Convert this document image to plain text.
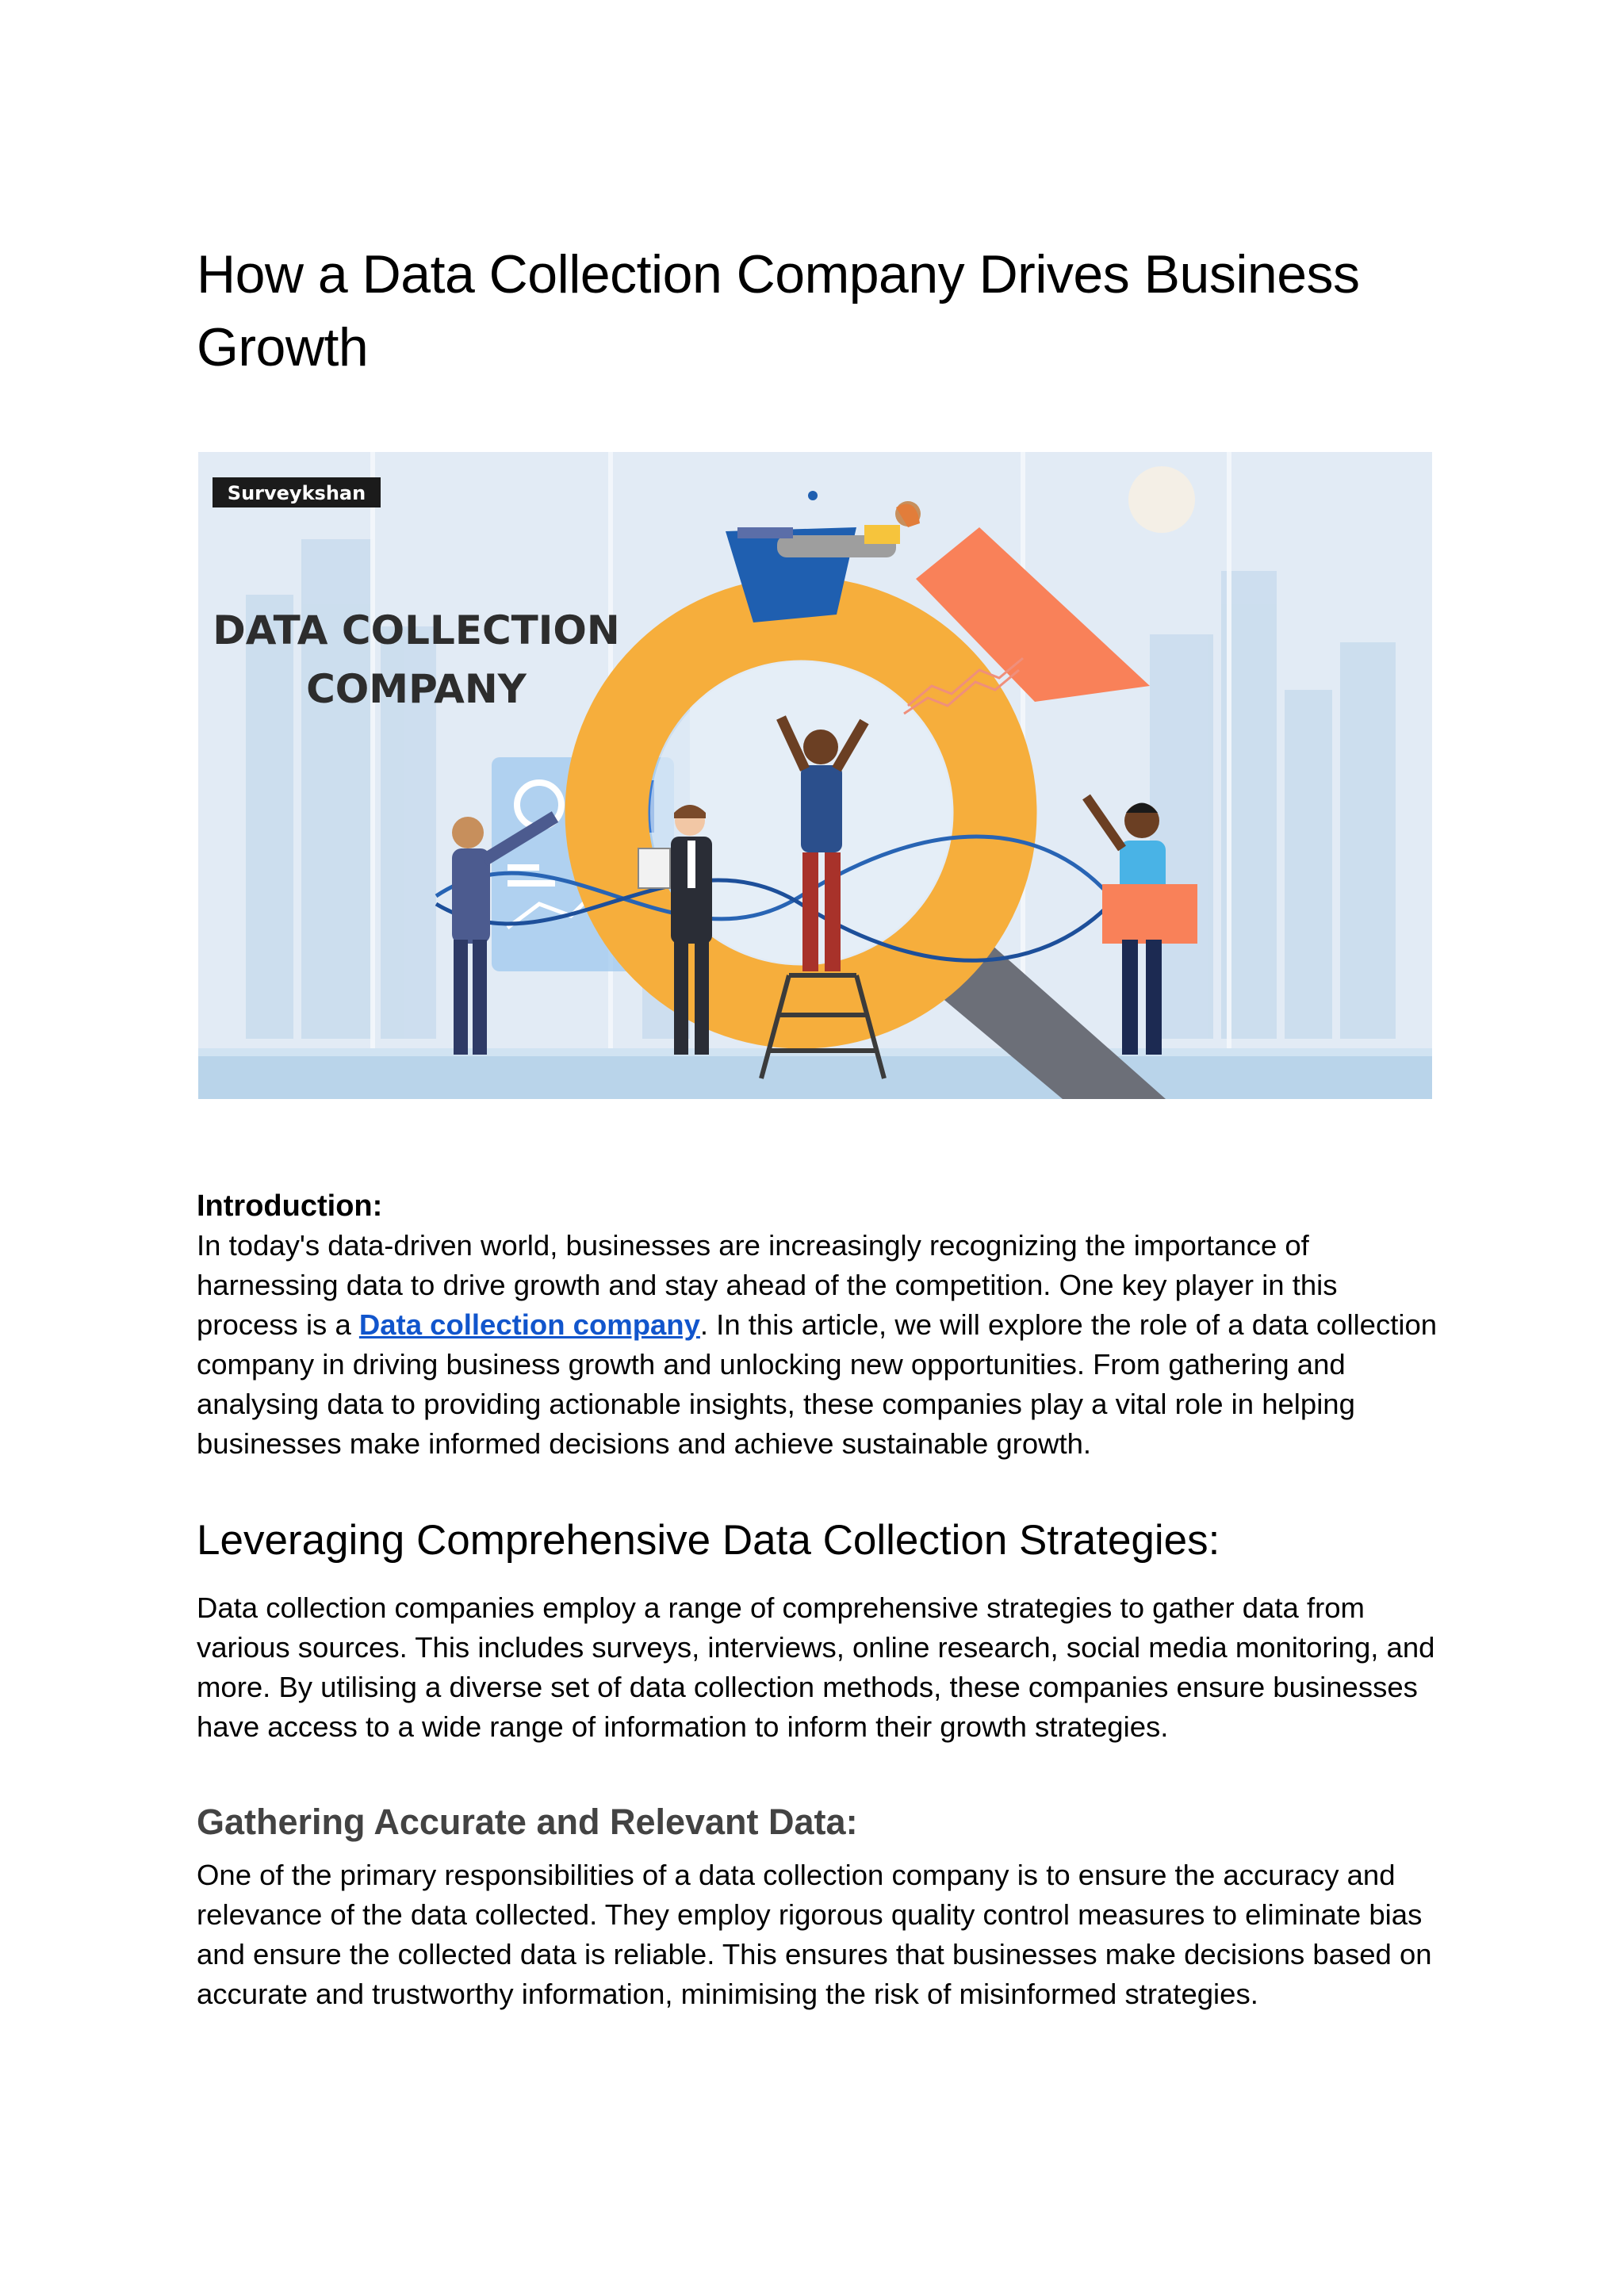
How a Data Collection Company Drives Business Growth
Surveykshan
DATA COLLECTION
COMPANY

Introduction:

In today's data-driven world, businesses are increasingly recognizing the importance of harnessing data to drive growth and stay ahead of the competition. One key player in this process is a Data collection company. In this article, we will explore the role of a data collection company in driving business growth and unlocking new opportunities. From gathering and analysing data to providing actionable insights, these companies play a vital role in helping businesses make informed decisions and achieve sustainable growth.

Leveraging Comprehensive Data Collection Strategies:

Data collection companies employ a range of comprehensive strategies to gather data from various sources. This includes surveys, interviews, online research, social media monitoring, and more. By utilising a diverse set of data collection methods, these companies ensure businesses have access to a wide range of information to inform their growth strategies.

Gathering Accurate and Relevant Data:

One of the primary responsibilities of a data collection company is to ensure the accuracy and relevance of the data collected. They employ rigorous quality control measures to eliminate bias and ensure the collected data is reliable. This ensures that businesses make decisions based on accurate and trustworthy information, minimising the risk of misinformed strategies.
